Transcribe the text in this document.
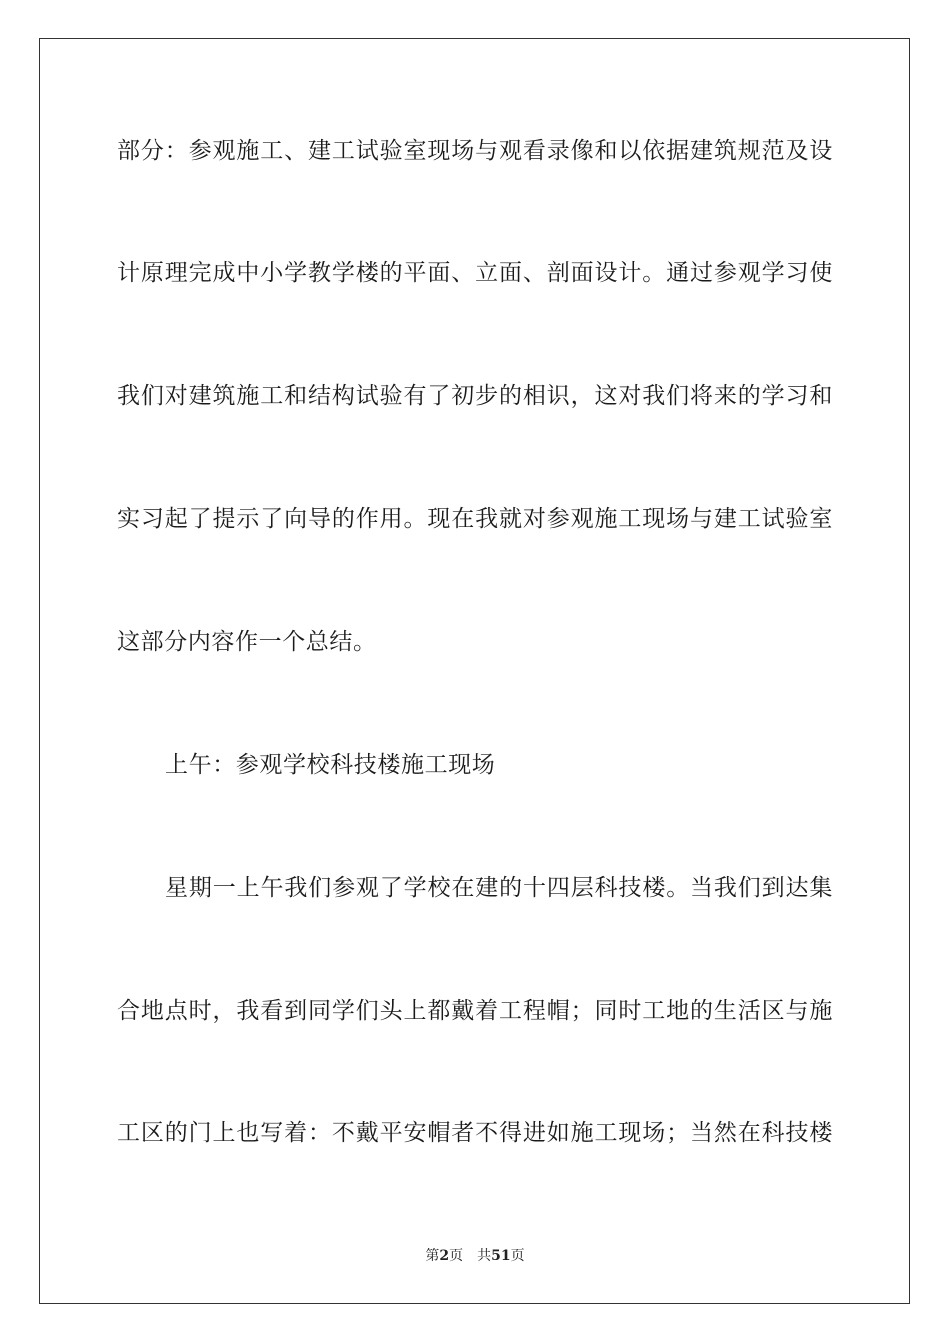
部分：参观施工、建工试验室现场与观看录像和以依据建筑规范及设
计原理完成中小学教学楼的平面、立面、剖面设计。通过参观学习使
我们对建筑施工和结构试验有了初步的相识，这对我们将来的学习和
实习起了提示了向导的作用。现在我就对参观施工现场与建工试验室
这部分内容作一个总结。
上午：参观学校科技楼施工现场
星期一上午我们参观了学校在建的十四层科技楼。当我们到达集
合地点时，我看到同学们头上都戴着工程帽；同时工地的生活区与施
工区的门上也写着：不戴平安帽者不得进如施工现场；当然在科技楼
第2页 共51页
